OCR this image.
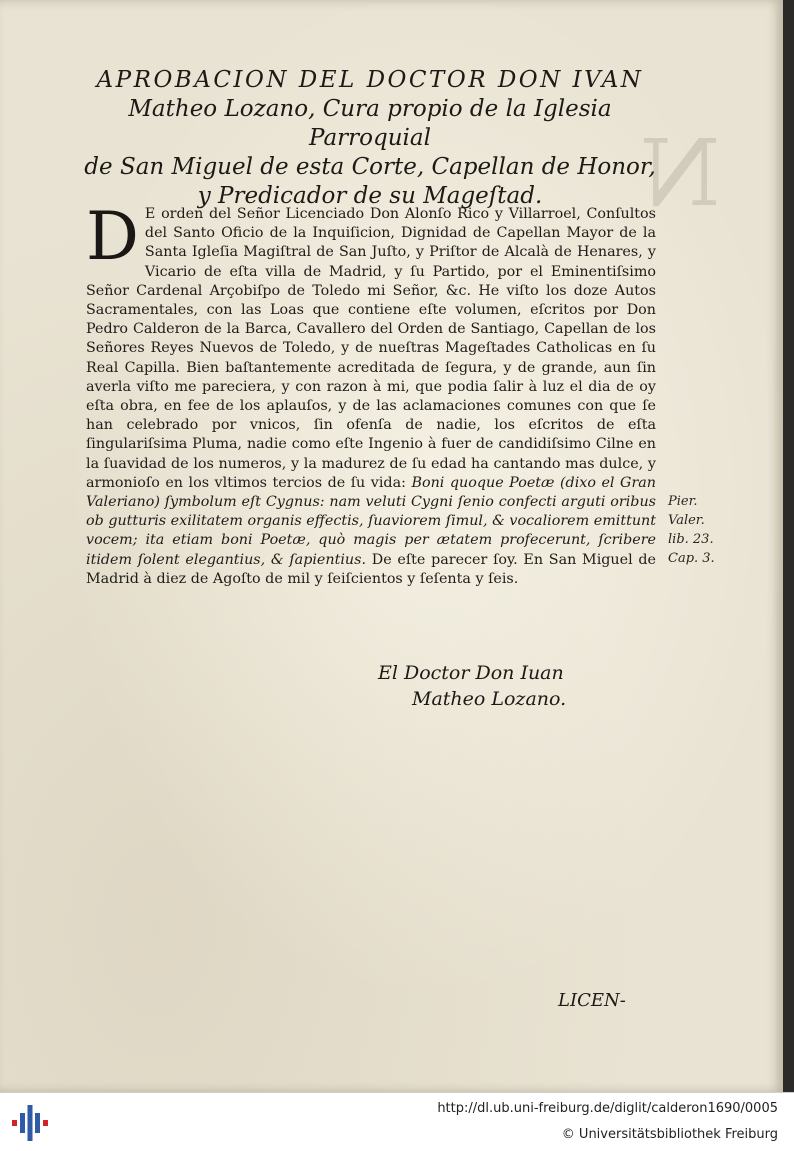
N
APROBACION DEL DOCTOR DON IVAN
Matheo Lozano, Cura propio de la Iglesia Parroquial
de San Miguel de esta Corte, Capellan de Honor,
y Predicador de su Mageſtad.
D E orden del Señor Licenciado Don Alonſo Rico y Villarroel, Conſultos del Santo Oficio de la Inquiſicion, Dignidad de Capellan Mayor de la Santa Igleſia Magiſtral de San Juſto, y Priſtor de Alcalà de Henares, y Vicario de eſta villa de Madrid, y ſu Partido, por el Eminentiſsimo Señor Cardenal Arçobiſpo de Toledo mi Señor, &c. He viſto los doze Autos Sacramentales, con las Loas que contiene eſte volumen, eſcritos por Don Pedro Calderon de la Barca, Cavallero del Orden de Santiago, Capellan de los Señores Reyes Nuevos de Toledo, y de nueſtras Mageſtades Catholicas en ſu Real Capilla. Bien baſtantemente acreditada de ſegura, y de grande, aun ſin averla viſto me pareciera, y con razon à mi, que podia ſalir à luz el dia de oy eſta obra, en fee de los aplauſos, y de las aclamaciones comunes con que ſe han celebrado por vnicos, ſin ofenſa de nadie, los eſcritos de eſta ſingulariſsima Pluma, nadie como eſte Ingenio à fuer de candidiſsimo Cilne en la ſuavidad de los numeros, y la madurez de ſu edad ha cantando mas dulce, y armonioſo en los vltimos tercios de ſu vida: Boni quoque Poetæ (dixo el Gran Valeriano) ſymbolum eſt Cygnus: nam veluti Cygni ſenio confecti arguti oribus ob gutturis exilitatem organis effectis, ſuaviorem ſimul, & vocaliorem emittunt vocem; ita etiam boni Poetæ, quò magis per ætatem profecerunt, ſcribere itidem ſolent elegantius, & ſapientius. De eſte parecer ſoy. En San Miguel de Madrid à diez de Agoſto de mil y ſeiſcientos y ſeſenta y ſeis.
Pier.
Valer.
lib. 23.
Cap. 3.
El Doctor Don Iuan
Matheo Lozano.
LICEN-
http://dl.ub.uni-freiburg.de/diglit/calderon1690/0005
© Universitätsbibliothek Freiburg
